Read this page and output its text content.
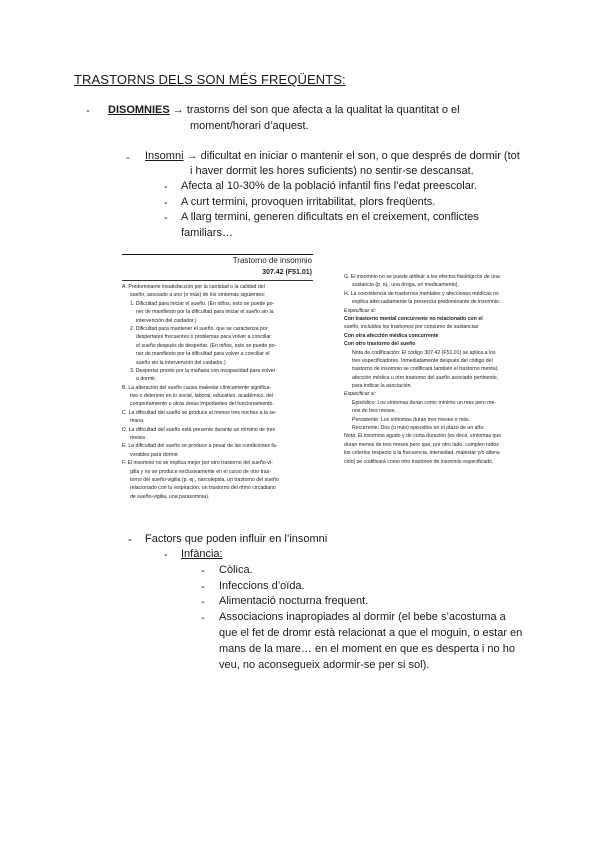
TRASTORNS DELS SON MÉS FREQÜENTS:
- DISOMNIES → trastorns del son que afecta a la qualitat la quantitat o el
moment/horari d’aquest.
- Insomni → dificultat en iniciar o mantenir el son, o que després de dormir (tot
i haver dormit les hores suficients) no sentir-se descansat.
- Afecta al 10-30% de la població infantil fins l’edat preescolar.
- A curt termini, provoquen irritabilitat, plors freqüents.
- A llarg termini, generen dificultats en el creixement, conflictes
familiars…
Trastorno de insomnio
307.42 (F51.01)
A. Predominante insatisfacción por la cantidad o la calidad del
sueño, asociado a uno (o más) de los síntomas siguientes:
1. Dificultad para iniciar el sueño. (En niños, esto se puede po-
ner de manifiesto por la dificultad para iniciar el sueño sin la
intervención del cuidador.)
2. Dificultad para mantener el sueño, que se caracteriza por
despertares frecuentes o problemas para volver a conciliar
el sueño después de despertar. (En niños, esto se puede po-
ner de manifiesto por la dificultad para volver a conciliar el
sueño sin la intervención del cuidador.)
3. Despertar pronto por la mañana con incapacidad para volver
a dormir.
B. La alteración del sueño causa malestar clínicamente significa-
tivo o deterioro en lo social, laboral, educativo, académico, del
comportamiento u otras áreas importantes del funcionamiento.
C. La dificultad del sueño se produce al menos tres noches a la se-
mana.
D. La dificultad del sueño está presente durante un mínimo de tres
meses.
E. La dificultad del sueño se produce a pesar de las condiciones fa-
vorables para dormir.
F. El insomnio no se explica mejor por otro trastorno del sueño-vi-
gilia y no se produce exclusivamente en el curso de otro tras-
torno del sueño-vigilia (p. ej., narcolepsia, un trastorno del sueño
relacionado con la respiración, un trastorno del ritmo circadiano
de sueño-vigilia, una parasomnia).
G. El insomnio no se puede atribuir a los efectos fisiológicos de una
sustancia (p. ej., una droga, un medicamento).
H. La coexistencia de trastornos mentales y afecciones médicas no
explica adecuadamente la presencia predominante de insomnio.
Especificar si:
Con trastorno mental concurrente no relacionado con el
sueño, incluidos los trastornos por consumo de sustancias
Con otra afección médica concurrente
Con otro trastorno del sueño
Nota de codificación: El código 307.42 (F51.01) se aplica a los
tres especificadores. Inmediatamente después del código del
trastorno de insomnio se codificará también el trastorno mental,
afección médica u otro trastorno del sueño asociado pertinente,
para indicar la asociación.
Especificar si:
Episódico: Los síntomas duran como mínimo un mes pero me-
nos de tres meses.
Persistente: Los síntomas duran tres meses o más.
Recurrente: Dos (o más) episodios en el plazo de un año.
Nota: El insomnio agudo y de corta duración (es decir, síntomas que
duran menos de tres meses pero que, por otro lado, cumplen todos
los criterios respecto a la frecuencia, intensidad, malestar y/o altera-
ción) se codificará como otro trastorno de insomnio especificado.
- Factors que poden influir en l’insomni
- Infància:
- Còlica.
- Infeccions d’oïda.
- Alimentació nocturna frequent.
- Associacions inapropiades al dormir (el bebe s’acostuma a
que el fet de dromr està relacionat a que el moguin, o estar en
mans de la mare… en el moment en que es desperta i no ho
veu, no aconsegueix adormir-se per si sol).
